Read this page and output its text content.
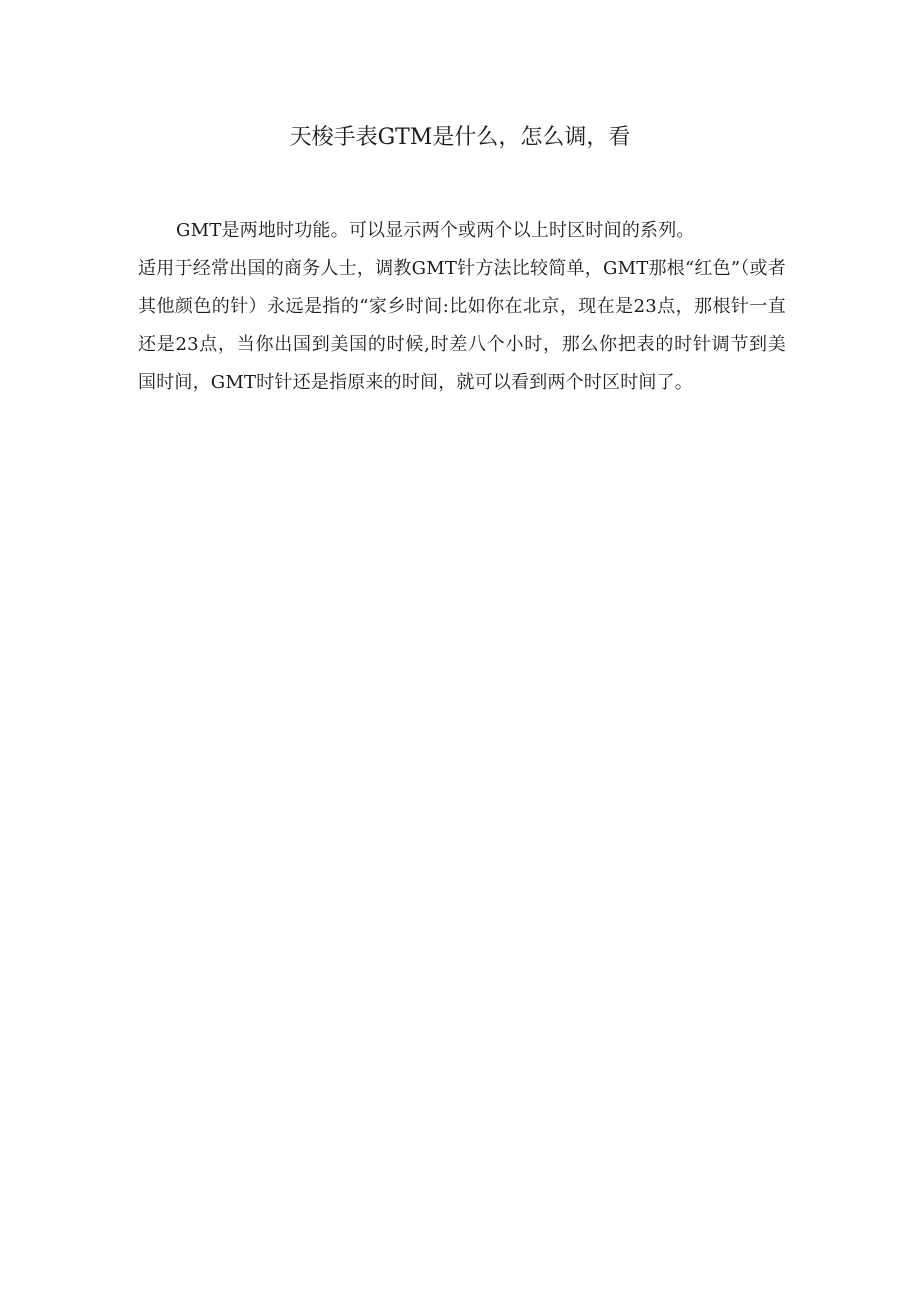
天梭手表GTM是什么，怎么调，看

GMT是两地时功能。可以显示两个或两个以上时区时间的系列。

适用于经常出国的商务人士，调教GMT针方法比较简单，GMT那根“红色”（或者其他颜色的针）永远是指的“家乡时间:比如你在北京，现在是23点，那根针一直还是23点，当你出国到美国的时候,时差八个小时，那么你把表的时针调节到美国时间，GMT时针还是指原来的时间，就可以看到两个时区时间了。
